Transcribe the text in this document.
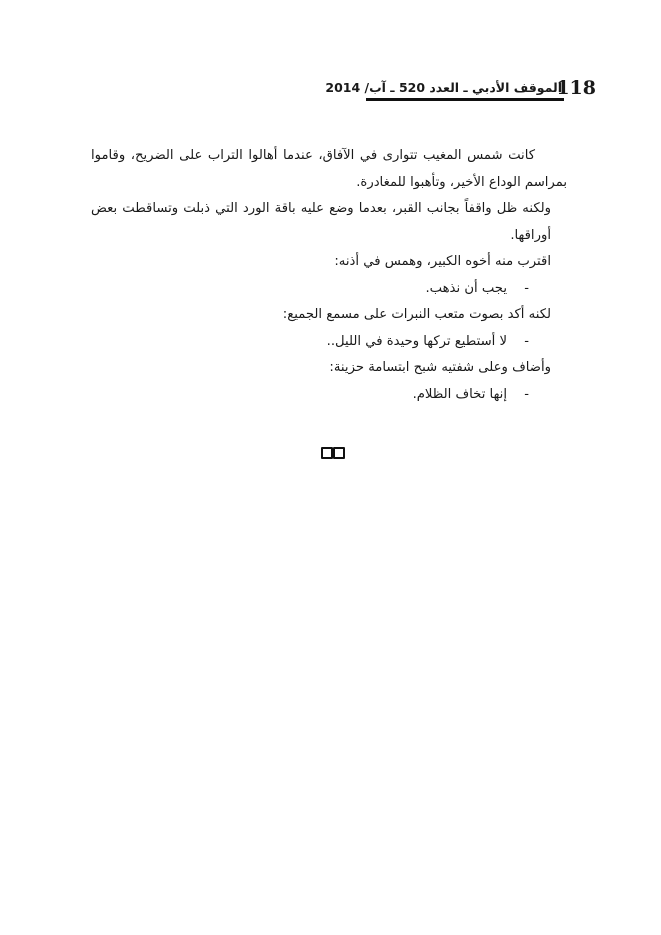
118
الموقف الأدبي ـ العدد 520 ـ آب/ 2014

كانت شمس المغيب تتوارى في الآفاق، عندما أهالوا التراب على الضريح، وقاموا بمراسم الوداع الأخير، وتأهبوا للمغادرة.

ولكنه ظل واقفاً بجانب القبر، بعدما وضع عليه باقة الورد التي ذبلت وتساقطت بعض أوراقها.

اقترب منه أخوه الكبير، وهمس في أذنه:

-يجب أن نذهب.

لكنه أكد بصوت متعب النبرات على مسمع الجميع:

-لا أستطيع تركها وحيدة في الليل..

وأضاف وعلى شفتيه شبح ابتسامة حزينة:

-إنها تخاف الظلام.
